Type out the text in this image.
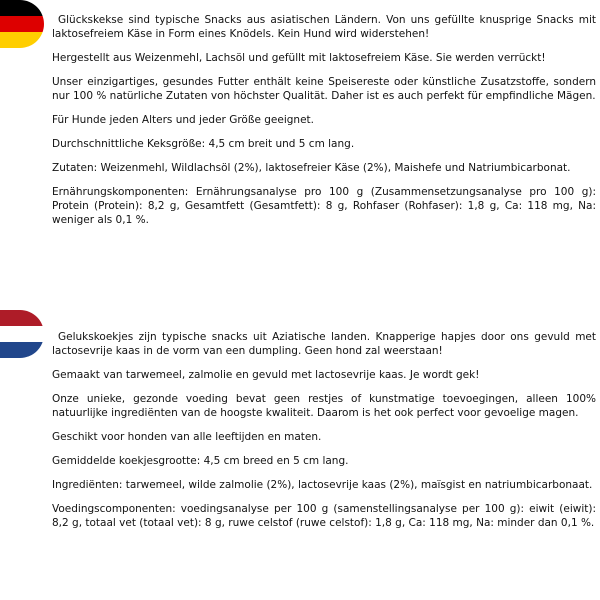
Glückskekse sind typische Snacks aus asiatischen Ländern. Von uns gefüllte knusprige Snacks mit laktosefreiem Käse in Form eines Knödels. Kein Hund wird widerstehen!

Hergestellt aus Weizenmehl, Lachsöl und gefüllt mit laktosefreiem Käse. Sie werden verrückt!

Unser einzigartiges, gesundes Futter enthält keine Speisereste oder künstliche Zusatzstoffe, sondern nur 100 % natürliche Zutaten von höchster Qualität. Daher ist es auch perfekt für empfindliche Mägen.

Für Hunde jeden Alters und jeder Größe geeignet.

Durchschnittliche Keksgröße: 4,5 cm breit und 5 cm lang.

Zutaten: Weizenmehl, Wildlachsöl (2%), laktosefreier Käse (2%), Maishefe und Natriumbicarbonat.

Ernährungskomponenten: Ernährungsanalyse pro 100 g (Zusammensetzungsanalyse pro 100 g): Protein (Protein): 8,2 g, Gesamtfett (Gesamtfett): 8 g, Rohfaser (Rohfaser): 1,8 g, Ca: 118 mg, Na: weniger als 0,1 %.

Gelukskoekjes zijn typische snacks uit Aziatische landen. Knapperige hapjes door ons gevuld met lactosevrije kaas in de vorm van een dumpling. Geen hond zal weerstaan!

Gemaakt van tarwemeel, zalmolie en gevuld met lactosevrije kaas. Je wordt gek!

Onze unieke, gezonde voeding bevat geen restjes of kunstmatige toevoegingen, alleen 100% natuurlijke ingrediënten van de hoogste kwaliteit. Daarom is het ook perfect voor gevoelige magen.

Geschikt voor honden van alle leeftijden en maten.

Gemiddelde koekjesgrootte: 4,5 cm breed en 5 cm lang.

Ingrediënten: tarwemeel, wilde zalmolie (2%), lactosevrije kaas (2%), maïsgist en natriumbicarbonaat.

Voedingscomponenten: voedingsanalyse per 100 g (samenstellingsanalyse per 100 g): eiwit (eiwit): 8,2 g, totaal vet (totaal vet): 8 g, ruwe celstof (ruwe celstof): 1,8 g, Ca: 118 mg, Na: minder dan 0,1 %.
